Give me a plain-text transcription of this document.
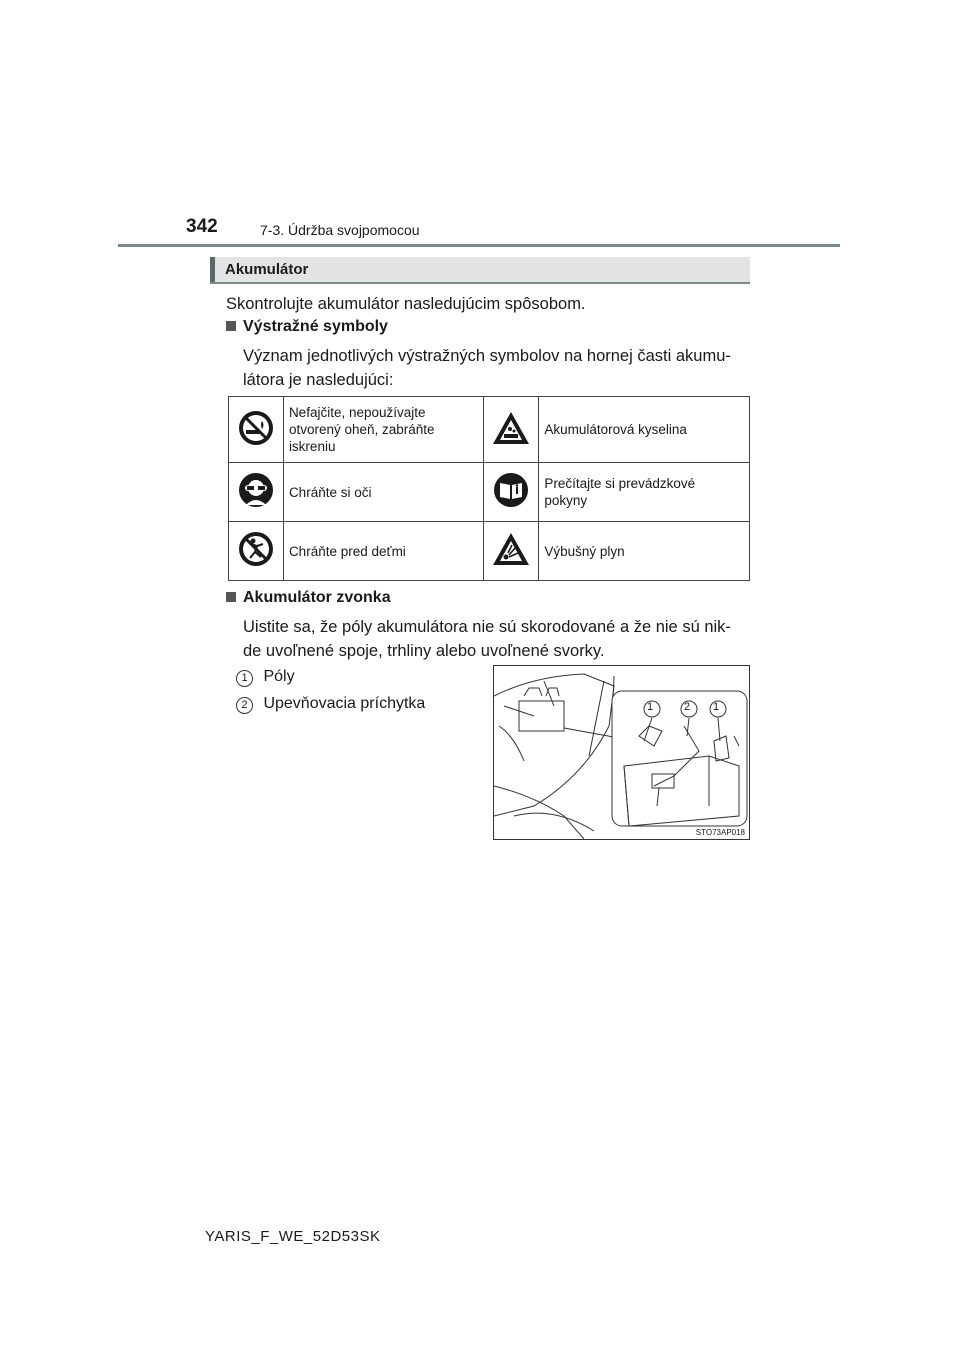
342	7-3. Údržba svojpomocou
Akumulátor
Skontrolujte akumulátor nasledujúcim spôsobom.
Výstražné symboly
Význam jednotlivých výstražných symbolov na hornej časti akumu-
látora je nasledujúci:

Nefajčite, nepoužívajte
otvorený oheň, zabráňte
iskreniu		Akumulátorová kyselina

Chráňte si oči		Prečítajte si prevádzkové
pokyny

Chráňte pred deťmi		Výbušný plyn
Akumulátor zvonka
Uistite sa, že póly akumulátora nie sú skorodované a že nie sú nik-
de uvoľnené spoje, trhliny alebo uvoľnené svorky.
1 Póly
2 Upevňovacia príchytka	1	2 1
STO73AP018
YARIS_F_WE_52D53SK
